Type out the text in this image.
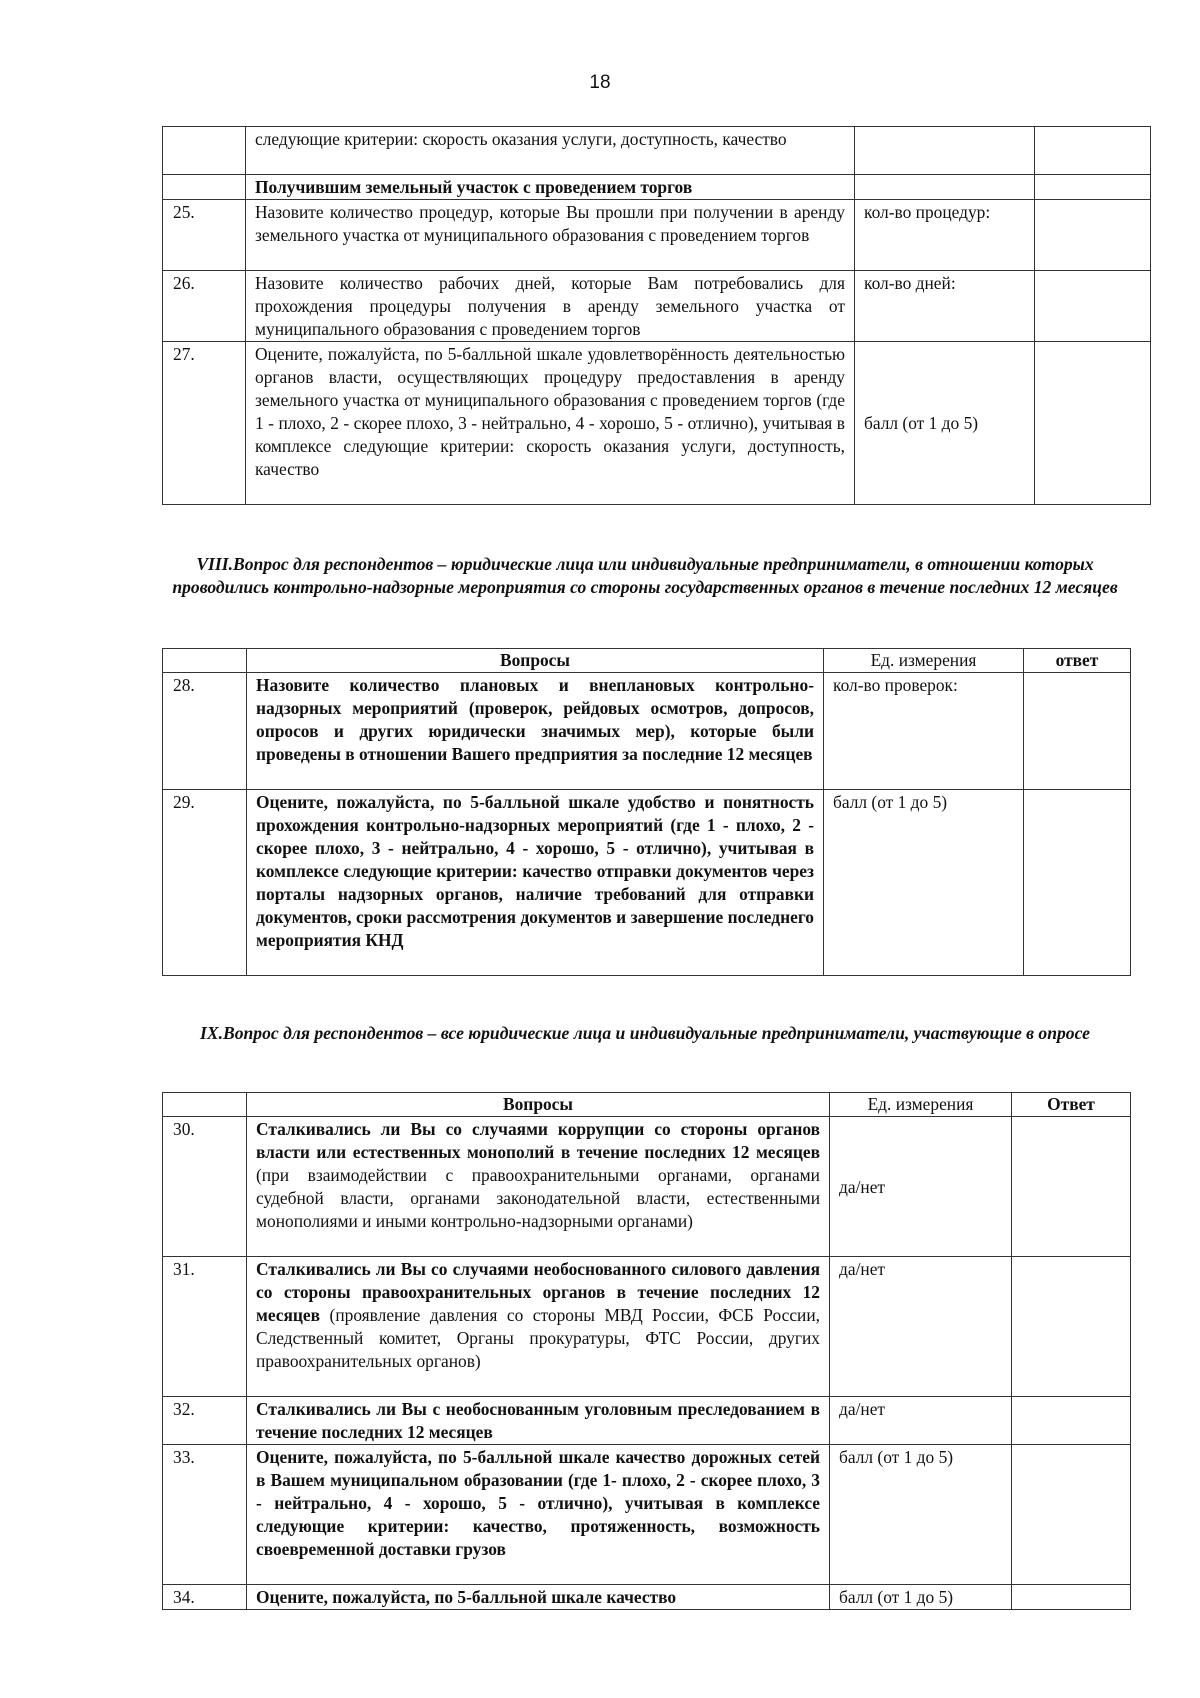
18
	следующие критерии: скорость оказания услуги, доступность, качество		
	Получившим земельный участок с проведением торгов		
25.	Назовите количество процедур, которые Вы прошли при получении в аренду земельного участка от муниципального образования с проведением торгов	кол-во процедур:	
26.	Назовите количество рабочих дней, которые Вам потребовались для прохождения процедуры получения в аренду земельного участка от муниципального образования с проведением торгов	кол-во дней:	
27.	Оцените, пожалуйста, по 5-балльной шкале удовлетворённость деятельностью органов власти, осуществляющих процедуру предоставления в аренду земельного участка от муниципального образования с проведением торгов (где 1 - плохо, 2 - скорее плохо, 3 - нейтрально, 4 - хорошо, 5 - отлично), учитывая в комплексе следующие критерии: скорость оказания услуги, доступность, качество	балл (от 1 до 5)	
VIII.Вопрос для респондентов – юридические лица или индивидуальные предприниматели, в отношении которых проводились контрольно-надзорные мероприятия со стороны государственных органов в течение последних 12 месяцев
	Вопросы	Ед. измерения	ответ
28.	Назовите количество плановых и внеплановых контрольно-надзорных мероприятий (проверок, рейдовых осмотров, допросов, опросов и других юридически значимых мер), которые были проведены в отношении Вашего предприятия за последние 12 месяцев	кол-во проверок:	
29.	Оцените, пожалуйста, по 5-балльной шкале удобство и понятность прохождения контрольно-надзорных мероприятий (где 1 - плохо, 2 - скорее плохо, 3 - нейтрально, 4 - хорошо, 5 - отлично), учитывая в комплексе следующие критерии: качество отправки документов через порталы надзорных органов, наличие требований для отправки документов, сроки рассмотрения документов и завершение последнего мероприятия КНД	балл (от 1 до 5)	
IX.Вопрос для респондентов – все юридические лица и индивидуальные предприниматели, участвующие в опросе
	Вопросы	Ед. измерения	Ответ
30.	Сталкивались ли Вы со случаями коррупции со стороны органов власти или естественных монополий в течение последних 12 месяцев (при взаимодействии с правоохранительными органами, органами судебной власти, органами законодательной власти, естественными монополиями и иными контрольно-надзорными органами)	да/нет	
31.	Сталкивались ли Вы со случаями необоснованного силового давления со стороны правоохранительных органов в течение последних 12 месяцев (проявление давления со стороны МВД России, ФСБ России, Следственный комитет, Органы прокуратуры, ФТС России, других правоохранительных органов)	да/нет	
32.	Сталкивались ли Вы с необоснованным уголовным преследованием в течение последних 12 месяцев	да/нет	
33.	Оцените, пожалуйста, по 5-балльной шкале качество дорожных сетей в Вашем муниципальном образовании (где 1- плохо, 2 - скорее плохо, 3 - нейтрально, 4 - хорошо, 5 - отлично), учитывая в комплексе следующие критерии: качество, протяженность, возможность своевременной доставки грузов	балл (от 1 до 5)	
34.	Оцените, пожалуйста, по 5-балльной шкале качество	балл (от 1 до 5)	
